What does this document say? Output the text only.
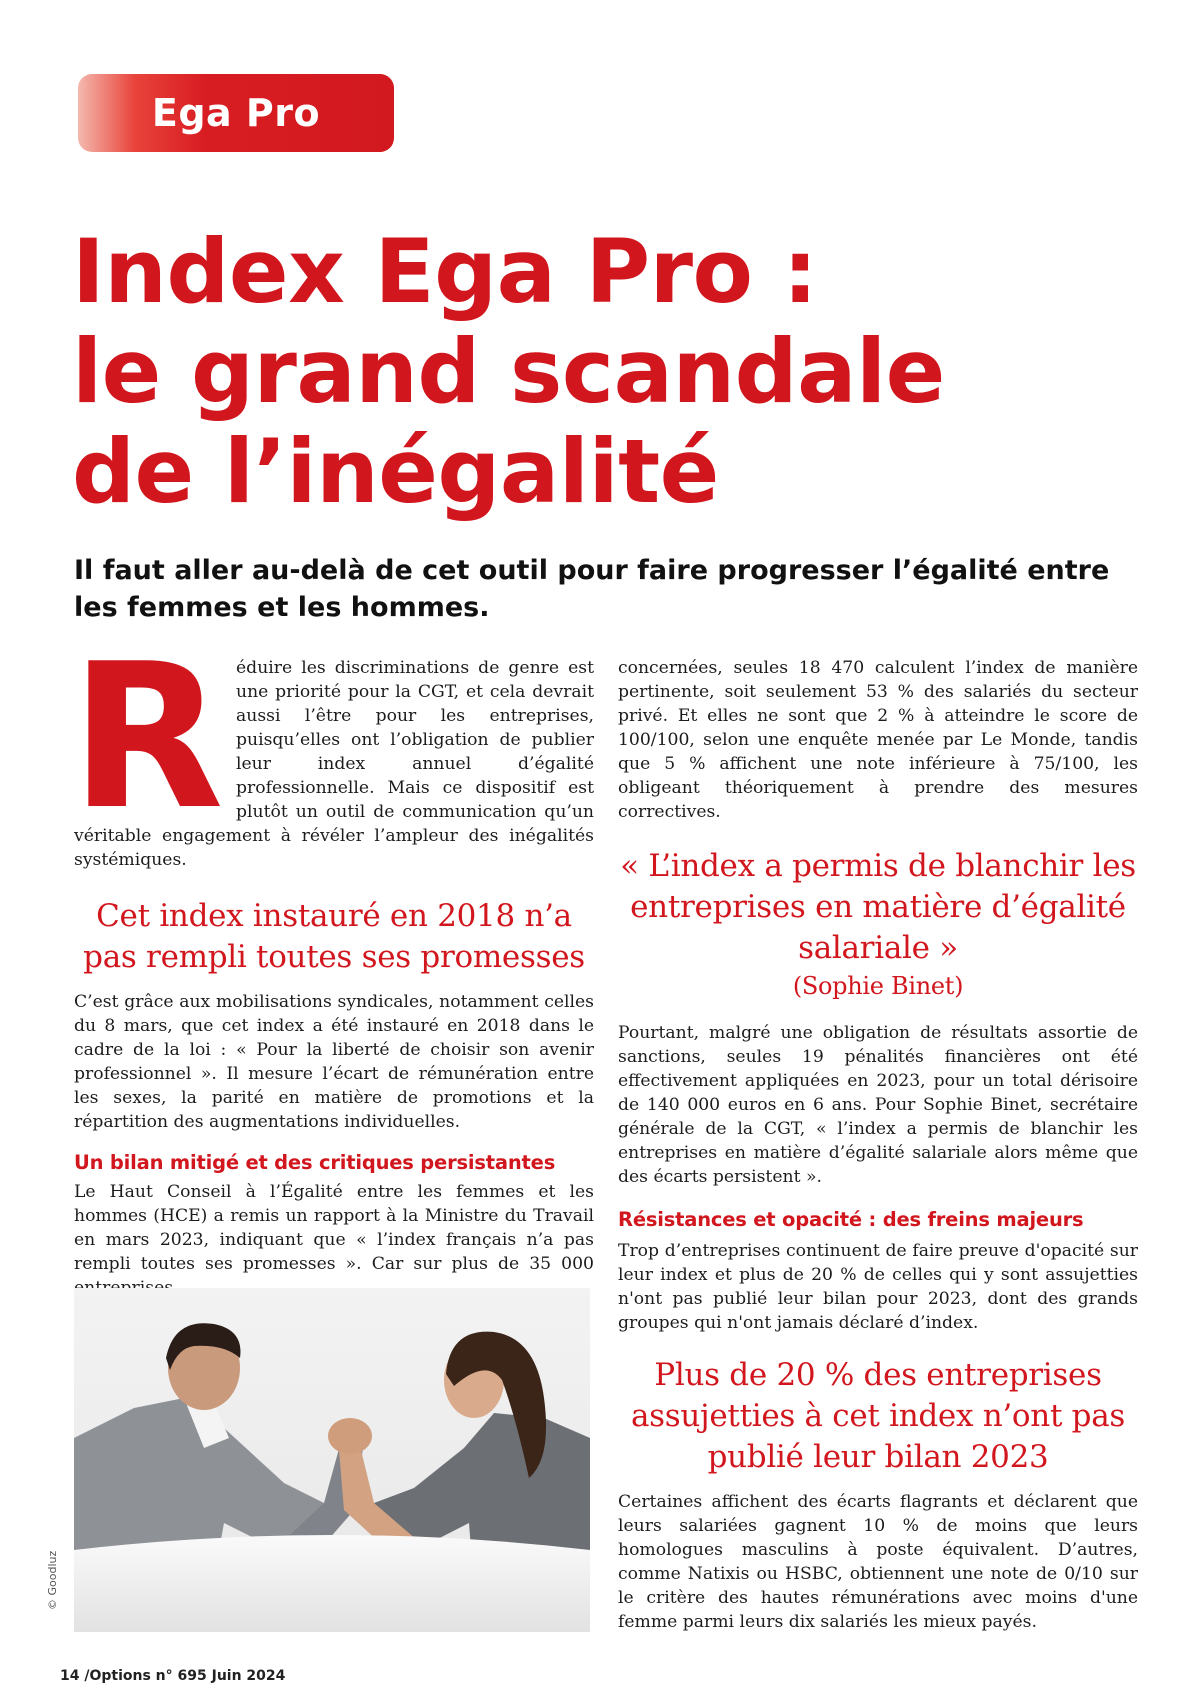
Ega Pro
Index Ega Pro :
le grand scandale
de l’inégalité

Il faut aller au-delà de cet outil pour faire progresser l’égalité entre les femmes et les hommes.

Réduire les discriminations de genre est une priorité pour la CGT, et cela devrait aussi l’être pour les entreprises, puisqu’elles ont l’obligation de publier leur index annuel d’égalité professionnelle. Mais ce dispositif est plutôt un outil de communication qu’un véritable engagement à révéler l’ampleur des inégalités systémiques.

Cet index instauré en 2018 n’a pas rempli toutes ses promesses

C’est grâce aux mobilisations syndicales, notamment celles du 8 mars, que cet index a été instauré en 2018 dans le cadre de la loi : « Pour la liberté de choisir son avenir professionnel ». Il mesure l’écart de rémunération entre les sexes, la parité en matière de promotions et la répartition des augmentations individuelles.

Un bilan mitigé et des critiques persistantes

Le Haut Conseil à l’Égalité entre les femmes et les hommes (HCE) a remis un rapport à la Ministre du Travail en mars 2023, indiquant que « l’index français n’a pas rempli toutes ses promesses ». Car sur plus de 35 000

© Goodluz

concernées, seules 18 470 calculent l’index de manière pertinente, soit seulement 53 % des salariés du secteur privé. Et elles ne sont que 2 % à atteindre le score de 100/100, selon une enquête menée par Le Monde, tandis que 5 % affichent une note inférieure à 75/100, les obligeant théoriquement à prendre des mesures correctives.

« L’index a permis de blanchir les entreprises en matière d’égalité salariale »
(Sophie Binet)

Pourtant, malgré une obligation de résultats assortie de sanctions, seules 19 pénalités financières ont été effectivement appliquées en 2023, pour un total dérisoire de 140 000 euros en 6 ans. Pour Sophie Binet, secrétaire générale de la CGT, « l’index a permis de blanchir les entreprises en matière d’égalité salariale alors même que des écarts persistent ».

Résistances et opacité : des freins majeurs

Trop d’entreprises continuent de faire preuve d'opacité sur leur index et plus de 20 % de celles qui y sont assujetties n'ont pas publié leur bilan pour 2023, dont des grands groupes qui n'ont jamais déclaré d’index.

Plus de 20 % des entreprises assujetties à cet index n’ont pas publié leur bilan 2023

Certaines affichent des écarts flagrants et déclarent que leurs salariées gagnent 10 % de moins que leurs homologues masculins à poste équivalent. D’autres, comme Natixis ou HSBC, obtiennent une note de 0/10 sur le critère des hautes rémunérations avec moins d'une femme parmi leurs dix salariés les mieux payés.

14 /Options n° 695 Juin 2024
